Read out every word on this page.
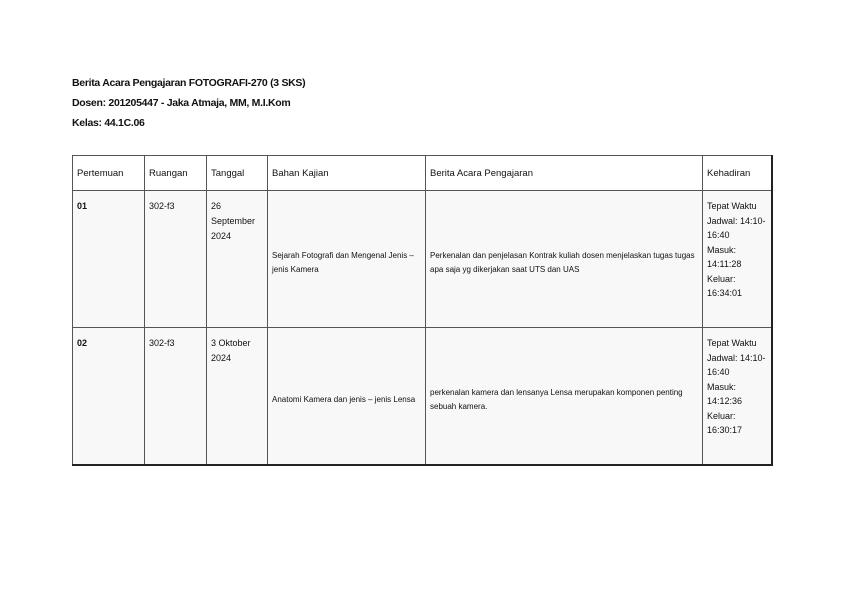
Berita Acara Pengajaran FOTOGRAFI-270 (3 SKS)
Dosen: 201205447 - Jaka Atmaja, MM, M.I.Kom
Kelas: 44.1C.06
Pertemuan	Ruangan	Tanggal	Bahan Kajian	Berita Acara Pengajaran	Kehadiran
01	302-f3	26 September 2024	Sejarah Fotografi dan Mengenal Jenis – jenis Kamera	Perkenalan dan penjelasan Kontrak kuliah dosen menjelaskan tugas tugas apa saja yg dikerjakan saat UTS dan UAS	Tepat Waktu
Jadwal: 14:10-16:40
Masuk: 14:11:28
Keluar: 16:34:01

02	302-f3	3 Oktober 2024	Anatomi Kamera dan jenis – jenis Lensa	perkenalan kamera dan lensanya Lensa merupakan komponen penting sebuah kamera.	Tepat Waktu
Jadwal: 14:10-16:40
Masuk: 14:12:36
Keluar: 16:30:17
